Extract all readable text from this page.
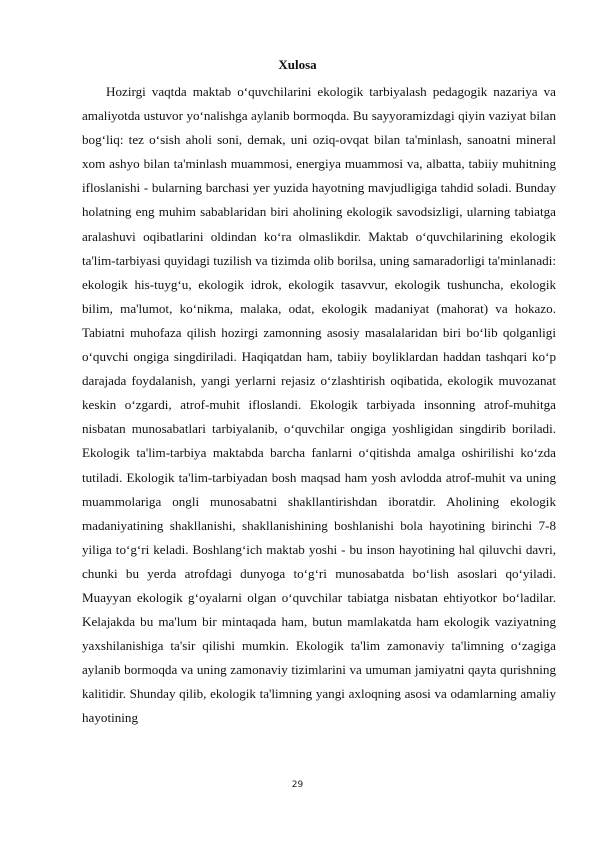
Xulosa

Hozirgi vaqtda maktab o‘quvchilarini ekologik tarbiyalash pedagogik nazariya va amaliyotda ustuvor yo‘nalishga aylanib bormoqda. Bu sayyoramizdagi qiyin vaziyat bilan bog‘liq: tez o‘sish aholi soni, demak, uni oziq-ovqat bilan ta'minlash, sanoatni mineral xom ashyo bilan ta'minlash muammosi, energiya muammosi va, albatta, tabiiy muhitning ifloslanishi - bularning barchasi yer yuzida hayotning mavjudligiga tahdid soladi. Bunday holatning eng muhim sabablaridan biri aholining ekologik savodsizligi, ularning tabiatga aralashuvi oqibatlarini oldindan ko‘ra olmaslikdir. Maktab o‘quvchilarining ekologik ta'lim-tarbiyasi quyidagi tuzilish va tizimda olib borilsa, uning samaradorligi ta'minlanadi: ekologik his-tuyg‘u, ekologik idrok, ekologik tasavvur, ekologik tushuncha, ekologik bilim, ma'lumot, ko‘nikma, malaka, odat, ekologik madaniyat (mahorat) va hokazo. Tabiatni muhofaza qilish hozirgi zamonning asosiy masalalaridan biri bo‘lib qolganligi o‘quvchi ongiga singdiriladi. Haqiqatdan ham, tabiiy boyliklardan haddan tashqari ko‘p darajada foydalanish, yangi yerlarni rejasiz o‘zlashtirish oqibatida, ekologik muvozanat keskin o‘zgardi, atrof-muhit ifloslandi. Ekologik tarbiyada insonning atrof-muhitga nisbatan munosabatlari tarbiyalanib, o‘quvchilar ongiga yoshligidan singdirib boriladi. Ekologik ta'lim-tarbiya maktabda barcha fanlarni o‘qitishda amalga oshirilishi ko‘zda tutiladi. Ekologik ta'lim-tarbiyadan bosh maqsad ham yosh avlodda atrof-muhit va uning muammolariga ongli munosabatni shakllantirishdan iboratdir. Aholining ekologik madaniyatining shakllanishi, shakllanishining boshlanishi bola hayotining birinchi 7-8 yiliga to‘g‘ri keladi. Boshlang‘ich maktab yoshi - bu inson hayotining hal qiluvchi davri, chunki bu yerda atrofdagi dunyoga to‘g‘ri munosabatda bo‘lish asoslari qo‘yiladi. Muayyan ekologik g‘oyalarni olgan o‘quvchilar tabiatga nisbatan ehtiyotkor bo‘ladilar. Kelajakda bu ma'lum bir mintaqada ham, butun mamlakatda ham ekologik vaziyatning yaxshilanishiga ta'sir qilishi mumkin. Ekologik ta'lim zamonaviy ta'limning o‘zagiga aylanib bormoqda va uning zamonaviy tizimlarini va umuman jamiyatni qayta qurishning kalitidir. Shunday qilib, ekologik ta'limning yangi axloqning asosi va odamlarning amaliy hayotining

29
